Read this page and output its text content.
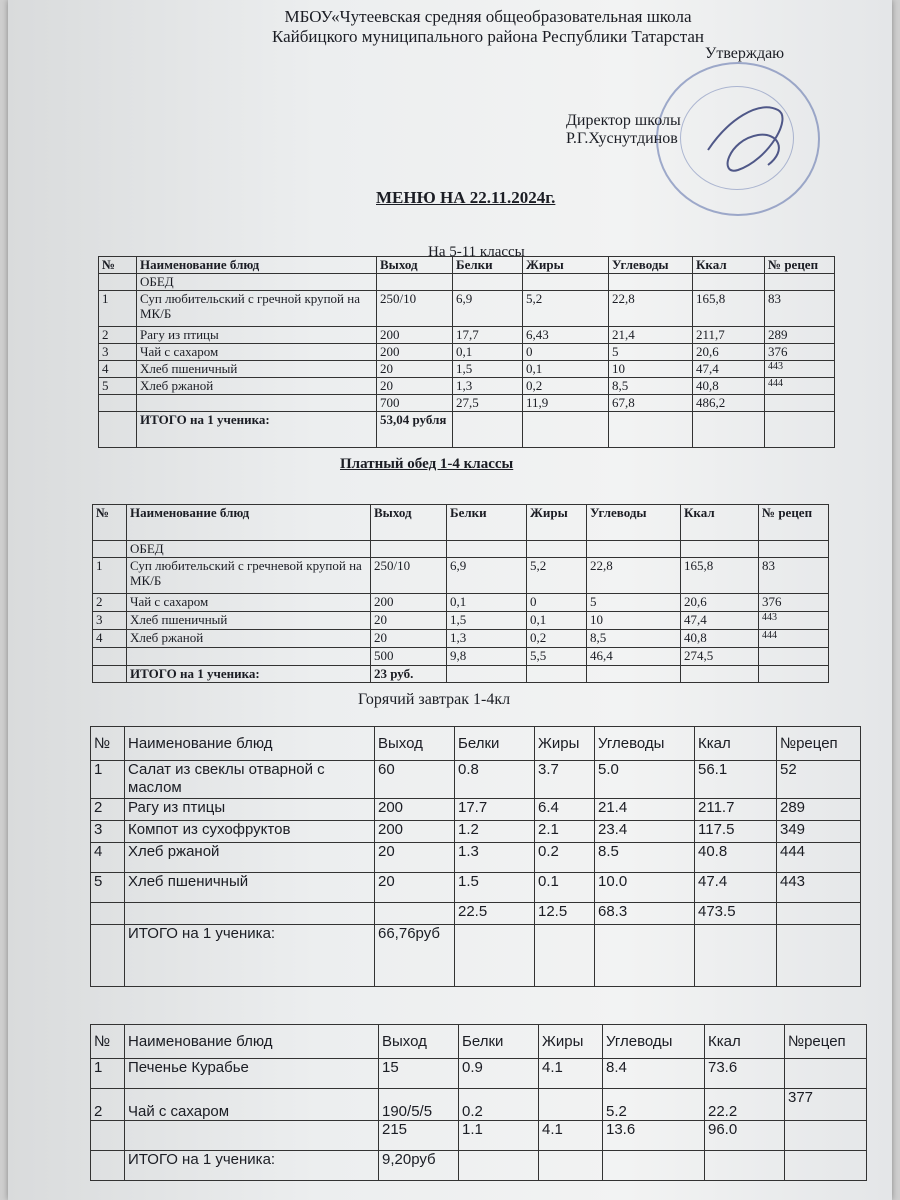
МБОУ«Чутеевская средняя общеобразовательная школа
Кайбицкого муниципального района Республики Татарстан
Утверждаю
Директор школы
Р.Г.Хуснутдинов
МЕНЮ НА 22.11.2024г.
На 5-11 классы
№	Наименование блюд	Выход	Белки	Жиры	Углеводы	Ккал	№ рецеп
	ОБЕД						
1	Суп любительский с гречной крупой на МК/Б	250/10	6,9	5,2	22,8	165,8	83
2	Рагу из птицы	200	17,7	6,43	21,4	211,7	289
3	Чай с сахаром	200	0,1	0	5	20,6	376
4	Хлеб пшеничный	20	1,5	0,1	10	47,4	443
5	Хлеб ржаной	20	1,3	0,2	8,5	40,8	444
		700	27,5	11,9	67,8	486,2	
	ИТОГО на 1 ученика:	53,04 рубля					
Платный обед 1-4 классы
№	Наименование блюд	Выход	Белки	Жиры	Углеводы	Ккал	№ рецеп
	ОБЕД						
1	Суп любительский с гречневой крупой на МК/Б	250/10	6,9	5,2	22,8	165,8	83
2	Чай с сахаром	200	0,1	0	5	20,6	376
3	Хлеб пшеничный	20	1,5	0,1	10	47,4	443
4	Хлеб ржаной	20	1,3	0,2	8,5	40,8	444
		500	9,8	5,5	46,4	274,5	
	ИТОГО на 1 ученика:	23 руб.					
Горячий завтрак 1-4кл
№	Наименование блюд	Выход	Белки	Жиры	Углеводы	Ккал	№рецеп
1	Салат из свеклы отварной с маслом	60	0.8	3.7	5.0	56.1	52
2	Рагу из птицы	200	17.7	6.4	21.4	211.7	289
3	Компот из сухофруктов	200	1.2	2.1	23.4	117.5	349
4	Хлеб ржаной	20	1.3	0.2	8.5	40.8	444
5	Хлеб пшеничный	20	1.5	0.1	10.0	47.4	443
			22.5	12.5	68.3	473.5	
	ИТОГО на 1 ученика:	66,76руб					
№	Наименование блюд	Выход	Белки	Жиры	Углеводы	Ккал	№рецеп
1	Печенье Курабье	15	0.9	4.1	8.4	73.6	
2	Чай с сахаром	190/5/5	0.2		5.2	22.2	377
		215	1.1	4.1	13.6	96.0	
	ИТОГО на 1 ученика:	9,20руб					
